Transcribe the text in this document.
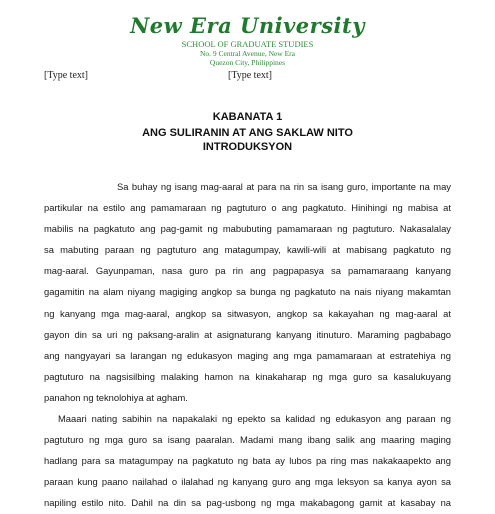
New Era University
SCHOOL OF GRADUATE STUDIES
No. 9 Central Avenue, New Era
Quezon City, Philippines
[Type text]	[Type text]
KABANATA 1
ANG SULIRANIN AT ANG SAKLAW NITO
INTRODUKSYON

Sa buhay ng isang mag-aaral at para na rin sa isang guro, importante na may
partikular na estilo ang pamamaraan ng pagtuturo o ang pagkatuto. Hinihingi ng mabisa at
mabilis na pagkatuto ang pag-gamit ng mabubuting pamamaraan ng pagtuturo. Nakasalalay
sa mabuting paraan ng pagtuturo ang matagumpay, kawili-wili at mabisang pagkatuto ng
mag-aaral. Gayunpaman, nasa guro pa rin ang pagpapasya sa pamamaraang kanyang
gagamitin na alam niyang magiging angkop sa bunga ng pagkatuto na nais niyang makamtan
ng kanyang mga mag-aaral, angkop sa sitwasyon, angkop sa kakayahan ng mag-aaral at
gayon din sa uri ng paksang-aralin at asignaturang kanyang itinuturo. Maraming pagbabago
ang nangyayari sa larangan ng edukasyon maging ang mga pamamaraan at estratehiya ng
pagtuturo na nagsisilbing malaking hamon na kinakaharap ng mga guro sa kasalukuyang
panahon ng teknolohiya at agham.

Maaari nating sabihin na napakalaki ng epekto sa kalidad ng edukasyon ang paraan ng
pagtuturo ng mga guro sa isang paaralan. Madami mang ibang salik ang maaring maging
hadlang para sa matagumpay na pagkatuto ng bata ay lubos pa ring mas nakakaapekto ang
paraan kung paano nailahad o ilalahad ng kanyang guro ang mga leksyon sa kanya ayon sa
napiling estilo nito. Dahil na din sa pag-usbong ng mga makabagong gamit at kasabay na
